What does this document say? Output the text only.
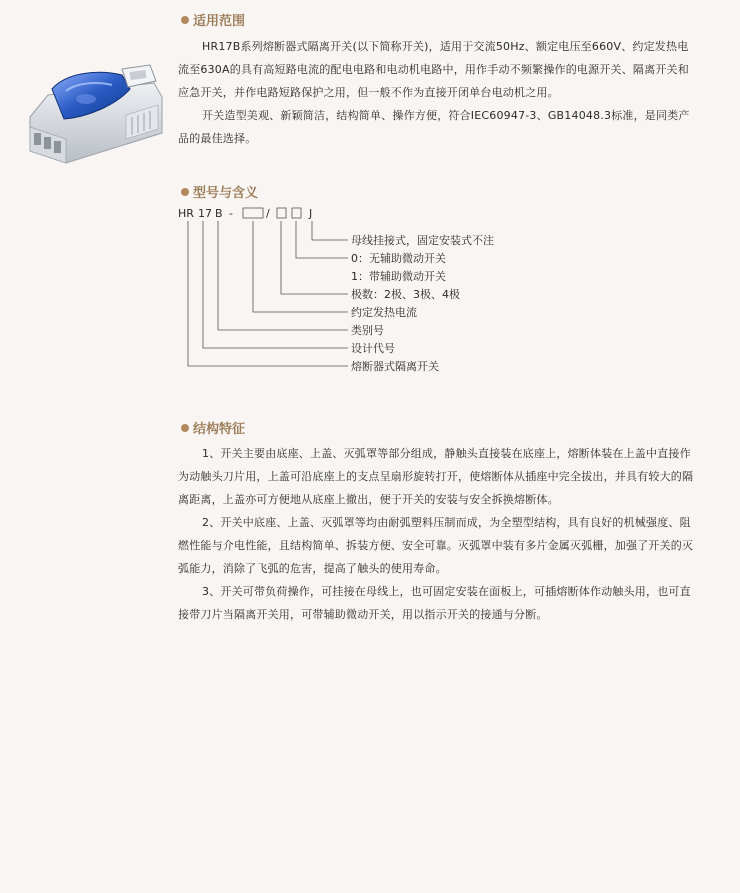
适用范围

HR17B系列熔断器式隔离开关(以下简称开关)，适用于交流50Hz、额定电压至660V、约定发热电流至630A的具有高短路电流的配电电路和电动机电路中，用作手动不频繁操作的电源开关、隔离开关和应急开关，并作电路短路保护之用，但一般不作为直接开闭单台电动机之用。

开关造型美观、新颖简洁，结构简单、操作方便，符合IEC60947-3、GB14048.3标准，是同类产品的最佳选择。

型号与含义
HR 17 B -	/	J
母线挂接式，固定安装式不注
0：无辅助微动开关
1：带辅助微动开关
极数：2极、3极、4极
约定发热电流
类别号
设计代号
熔断器式隔离开关
结构特征

1、开关主要由底座、上盖、灭弧罩等部分组成，静触头直接装在底座上，熔断体装在上盖中直接作为动触头刀片用，上盖可沿底座上的支点呈扇形旋转打开，使熔断体从插座中完全拔出，并具有较大的隔离距离，上盖亦可方便地从底座上撤出，便于开关的安装与安全拆换熔断体。

2、开关中底座、上盖、灭弧罩等均由耐弧塑料压制而成，为全塑型结构，具有良好的机械强度、阻燃性能与介电性能，且结构简单、拆装方便、安全可靠。灭弧罩中装有多片金属灭弧栅，加强了开关的灭弧能力，消除了飞弧的危害，提高了触头的使用寿命。

3、开关可带负荷操作，可挂接在母线上，也可固定安装在面板上，可插熔断体作动触头用，也可直接带刀片当隔离开关用，可带辅助微动开关，用以指示开关的接通与分断。
